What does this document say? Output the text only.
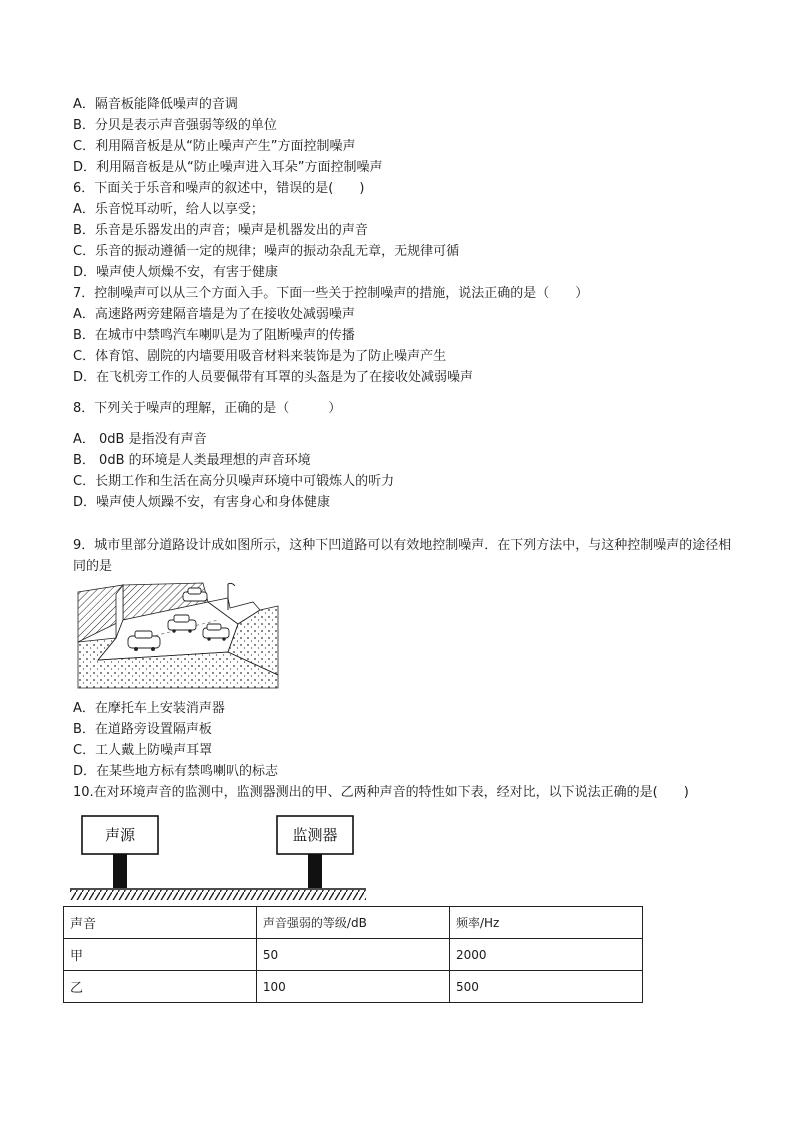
A．隔音板能降低噪声的音调

B．分贝是表示声音强弱等级的单位

C．利用隔音板是从“防止噪声产生”方面控制噪声

D．利用隔音板是从“防止噪声进入耳朵”方面控制噪声

6．下面关于乐音和噪声的叙述中，错误的是(　　)

A．乐音悦耳动听，给人以享受；

B．乐音是乐器发出的声音；噪声是机器发出的声音

C．乐音的振动遵循一定的规律；噪声的振动杂乱无章，无规律可循

D．噪声使人烦燥不安，有害于健康

7．控制噪声可以从三个方面入手。下面一些关于控制噪声的措施，说法正确的是（　　）

A．高速路两旁建隔音墙是为了在接收处减弱噪声

B．在城市中禁鸣汽车喇叭是为了阻断噪声的传播

C．体育馆、剧院的内墙要用吸音材料来装饰是为了防止噪声产生

D．在飞机旁工作的人员要佩带有耳罩的头盔是为了在接收处减弱噪声

8．下列关于噪声的理解，正确的是（　　　）

A． 0dB 是指没有声音

B． 0dB 的环境是人类最理想的声音环境

C．长期工作和生活在高分贝噪声环境中可锻炼人的听力

D．噪声使人烦躁不安，有害身心和身体健康

9．城市里部分道路设计成如图所示，这种下凹道路可以有效地控制噪声．在下列方法中，与这种控制噪声的途径相同的是

A．在摩托车上安装消声器

B．在道路旁设置隔声板

C．工人戴上防噪声耳罩

D．在某些地方标有禁鸣喇叭的标志

10.在对环境声音的监测中，监测器测出的甲、乙两种声音的特性如下表，经对比，以下说法正确的是(　　)

声源	监测器
声音	声音强弱的等级/dB	频率/Hz
甲	50	2000
乙	100	500
